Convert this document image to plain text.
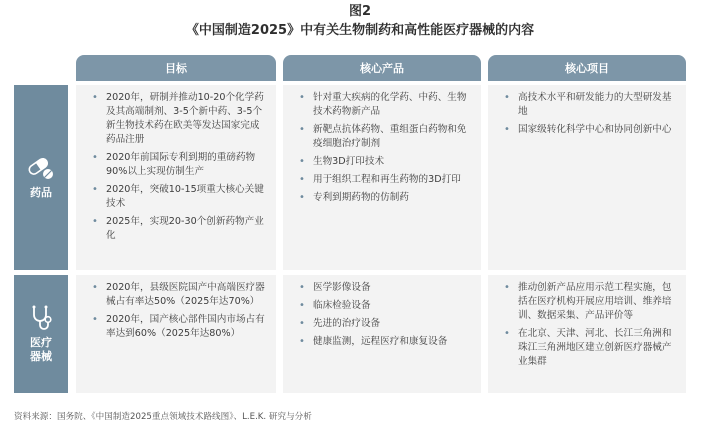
图2
《中国制造2025》中有关生物制药和高性能医疗器械的内容
目标	核心产品	核心项目
药品
• 2020年，研制并推动10-20个化学药及其高端制剂、3-5个新中药、3-5个新生物技术药在欧美等发达国家完成药品注册
• 2020年前国际专利到期的重磅药物90%以上实现仿制生产
• 2020年，突破10-15项重大核心关键技术
• 2025年，实现20-30个创新药物产业化
• 针对重大疾病的化学药、中药、生物技术药物新产品
• 新靶点抗体药物、重组蛋白药物和免疫细胞治疗制剂
• 生物3D打印技术
• 用于组织工程和再生药物的3D打印
• 专利到期药物的仿制药
• 高技术水平和研发能力的大型研发基地
• 国家级转化科学中心和协同创新中心
医疗器械
• 2020年，县级医院国产中高端医疗器械占有率达50%（2025年达70%）
• 2020年，国产核心部件国内市场占有率达到60%（2025年达80%）
• 医学影像设备
• 临床检验设备
• 先进的治疗设备
• 健康监测，远程医疗和康复设备
• 推动创新产品应用示范工程实施，包括在医疗机构开展应用培训、维养培训、数据采集、产品评价等
• 在北京、天津、河北、长江三角洲和珠江三角洲地区建立创新医疗器械产业集群
资料来源：国务院、《中国制造2025重点领域技术路线图》、L.E.K. 研究与分析
